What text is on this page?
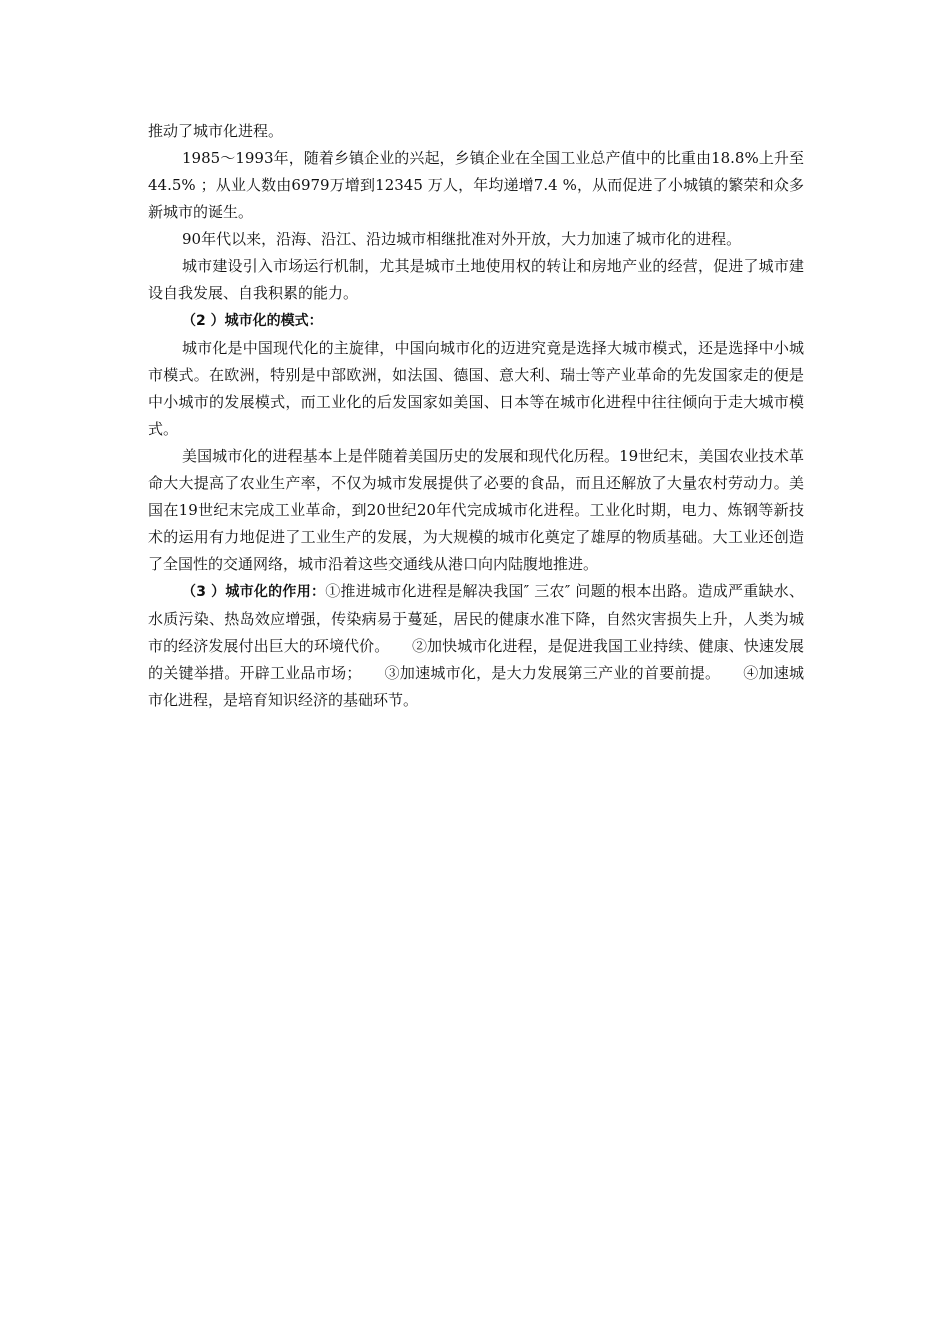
推动了城市化进程。

1985～1993年，随着乡镇企业的兴起，乡镇企业在全国工业总产值中的比重由18.8%上升至44.5% ；从业人数由6979万增到12345 万人，年均递增7.4 %，从而促进了小城镇的繁荣和众多新城市的诞生。

90年代以来，沿海、沿江、沿边城市相继批准对外开放，大力加速了城市化的进程。

城市建设引入市场运行机制，尤其是城市土地使用权的转让和房地产业的经营，促进了城市建设自我发展、自我积累的能力。

（2 ）城市化的模式：

城市化是中国现代化的主旋律，中国向城市化的迈进究竟是选择大城市模式，还是选择中小城市模式。在欧洲，特别是中部欧洲，如法国、德国、意大利、瑞士等产业革命的先发国家走的便是中小城市的发展模式，而工业化的后发国家如美国、日本等在城市化进程中往往倾向于走大城市模式。

美国城市化的进程基本上是伴随着美国历史的发展和现代化历程。19世纪末，美国农业技术革命大大提高了农业生产率，不仅为城市发展提供了必要的食品，而且还解放了大量农村劳动力。美国在19世纪末完成工业革命，到20世纪20年代完成城市化进程。工业化时期，电力、炼钢等新技术的运用有力地促进了工业生产的发展，为大规模的城市化奠定了雄厚的物质基础。大工业还创造了全国性的交通网络，城市沿着这些交通线从港口向内陆腹地推进。

（3 ）城市化的作用：①推进城市化进程是解决我国″ 三农″ 问题的根本出路。造成严重缺水、水质污染、热岛效应增强，传染病易于蔓延，居民的健康水准下降，自然灾害损失上升，人类为城市的经济发展付出巨大的环境代价。　　②加快城市化进程，是促进我国工业持续、健康、快速发展的关键举措。开辟工业品市场；　　③加速城市化，是大力发展第三产业的首要前提。　　④加速城市化进程，是培育知识经济的基础环节。
